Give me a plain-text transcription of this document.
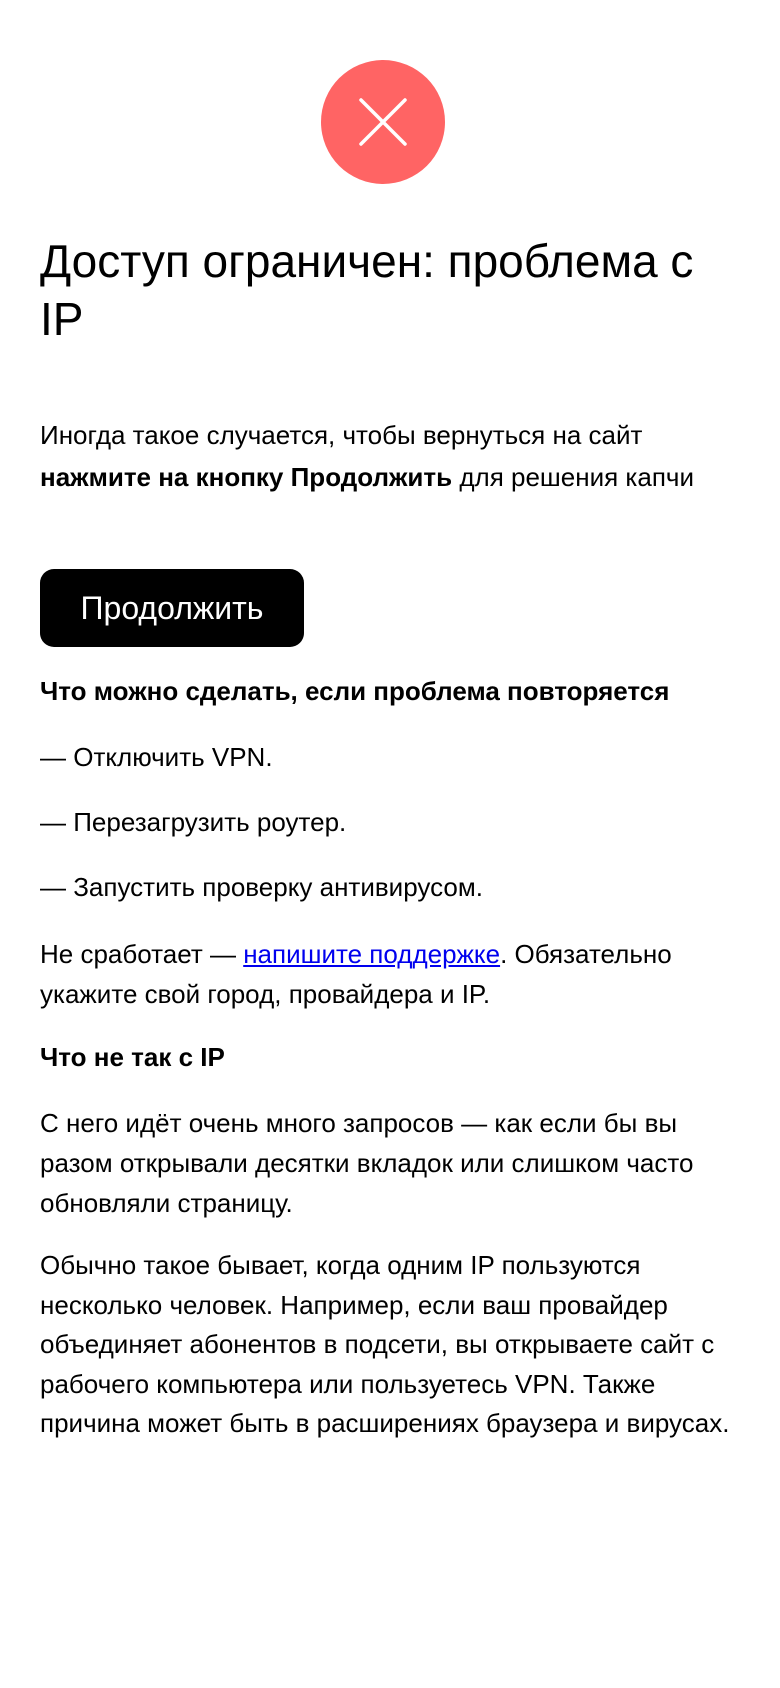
Доступ ограничен: проблема с IP

Иногда такое случается, чтобы вернуться на сайт нажмите на кнопку Продолжить для решения капчи

Продолжить
Что можно сделать, если проблема повторяется

— Отключить VPN.

— Перезагрузить роутер.

— Запустить проверку антивирусом.

Не сработает — напишите поддержке. Обязательно укажите свой город, провайдера и IP.

Что не так с IP

С него идёт очень много запросов — как если бы вы разом открывали десятки вкладок или слишком часто обновляли страницу.

Обычно такое бывает, когда одним IP пользуются несколько человек. Например, если ваш провайдер объединяет абонентов в подсети, вы открываете сайт с рабочего компьютера или пользуетесь VPN. Также причина может быть в расширениях браузера и вирусах.
